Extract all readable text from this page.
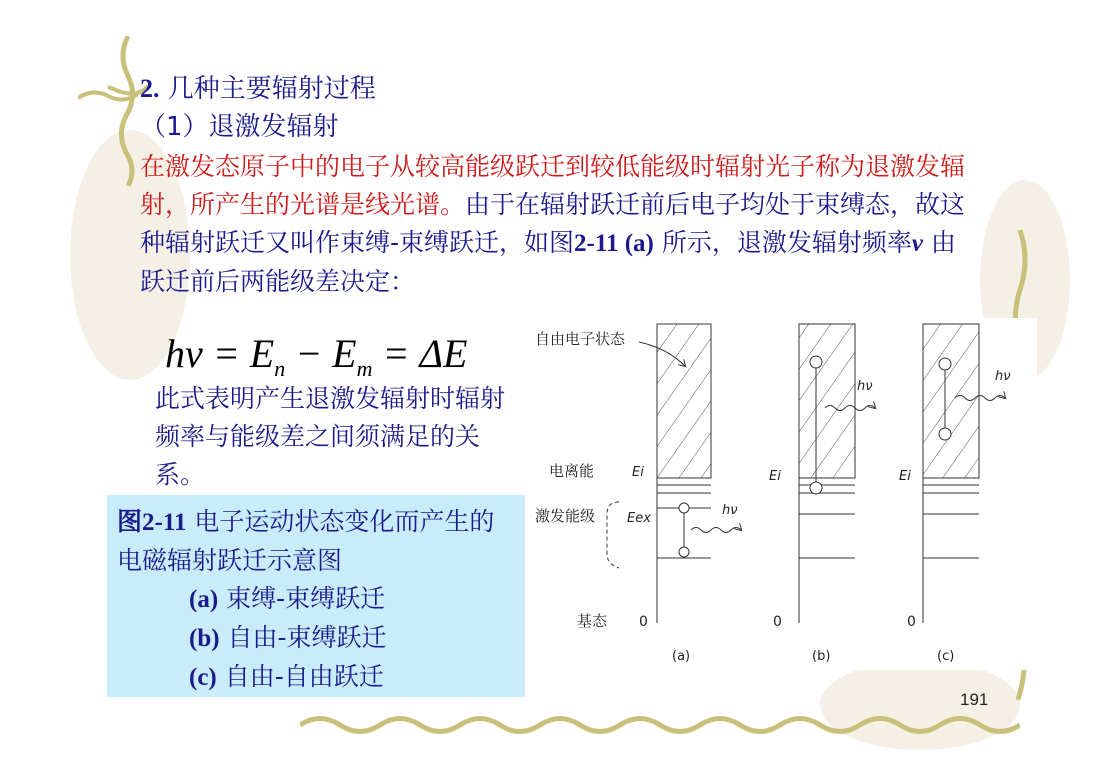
2. 几种主要辐射过程
（1）退激发辐射
在激发态原子中的电子从较高能级跃迁到较低能级时辐射光子称为退激发辐射，所产生的光谱是线光谱。由于在辐射跃迁前后电子均处于束缚态，故这种辐射跃迁又叫作束缚-束缚跃迁，如图2-11 (a) 所示，退激发辐射频率ν 由跃迁前后两能级差决定：
$h\nu = E_n - E_m = \Delta E$
此式表明产生退激发辐射时辐射频率与能级差之间须满足的关系。
图2-11 电子运动状态变化而产生的电磁辐射跃迁示意图
(a) 束缚-束缚跃迁
(b) 自由-束缚跃迁
(c) 自由-自由跃迁
自由电子状态
电离能
激发能级
基态
Ei
Eex
0
hν
(a)
Ei
0
hν
(b)
Ei
0
hν
(c)
191
